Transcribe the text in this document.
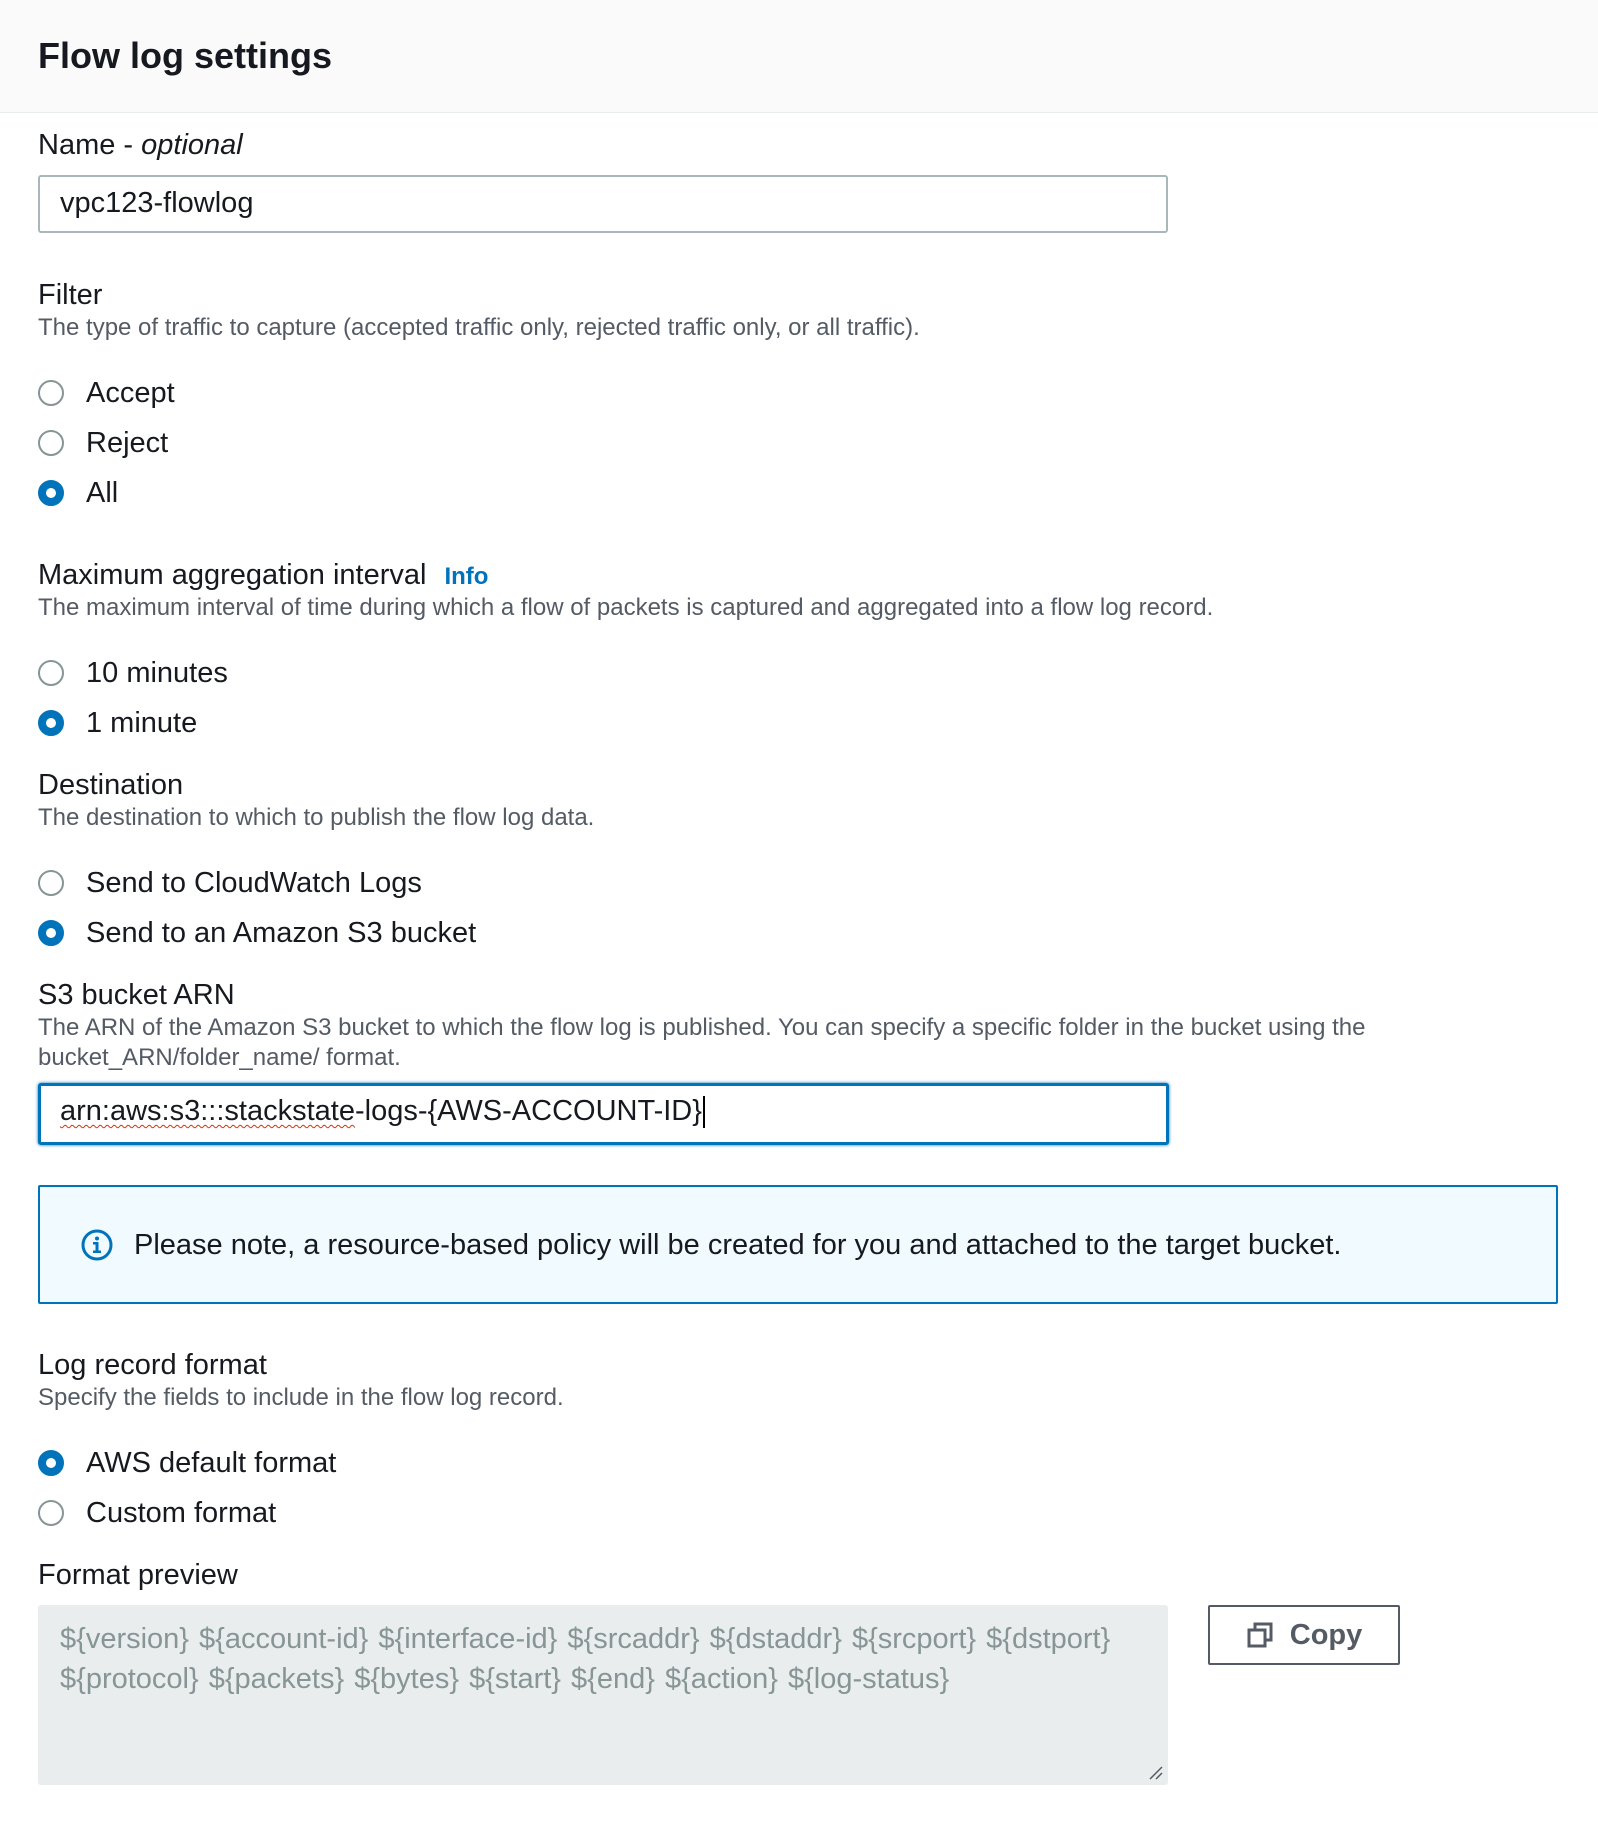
Flow log settings
Name - optional
vpc123-flowlog
Filter
The type of traffic to capture (accepted traffic only, rejected traffic only, or all traffic).
Accept
Reject
All
Maximum aggregation interval Info
The maximum interval of time during which a flow of packets is captured and aggregated into a flow log record.
10 minutes
1 minute
Destination
The destination to which to publish the flow log data.
Send to CloudWatch Logs
Send to an Amazon S3 bucket
S3 bucket ARN
The ARN of the Amazon S3 bucket to which the flow log is published. You can specify a specific folder in the bucket using the
bucket_ARN/folder_name/ format.
arn:aws:s3:::stackstate-logs-{AWS-ACCOUNT-ID}
Please note, a resource-based policy will be created for you and attached to the target bucket.
Log record format
Specify the fields to include in the flow log record.
AWS default format
Custom format
Format preview
${version} ${account-id} ${interface-id} ${srcaddr} ${dstaddr} ${srcport} ${dstport}
${protocol} ${packets} ${bytes} ${start} ${end} ${action} ${log-status}
Copy
